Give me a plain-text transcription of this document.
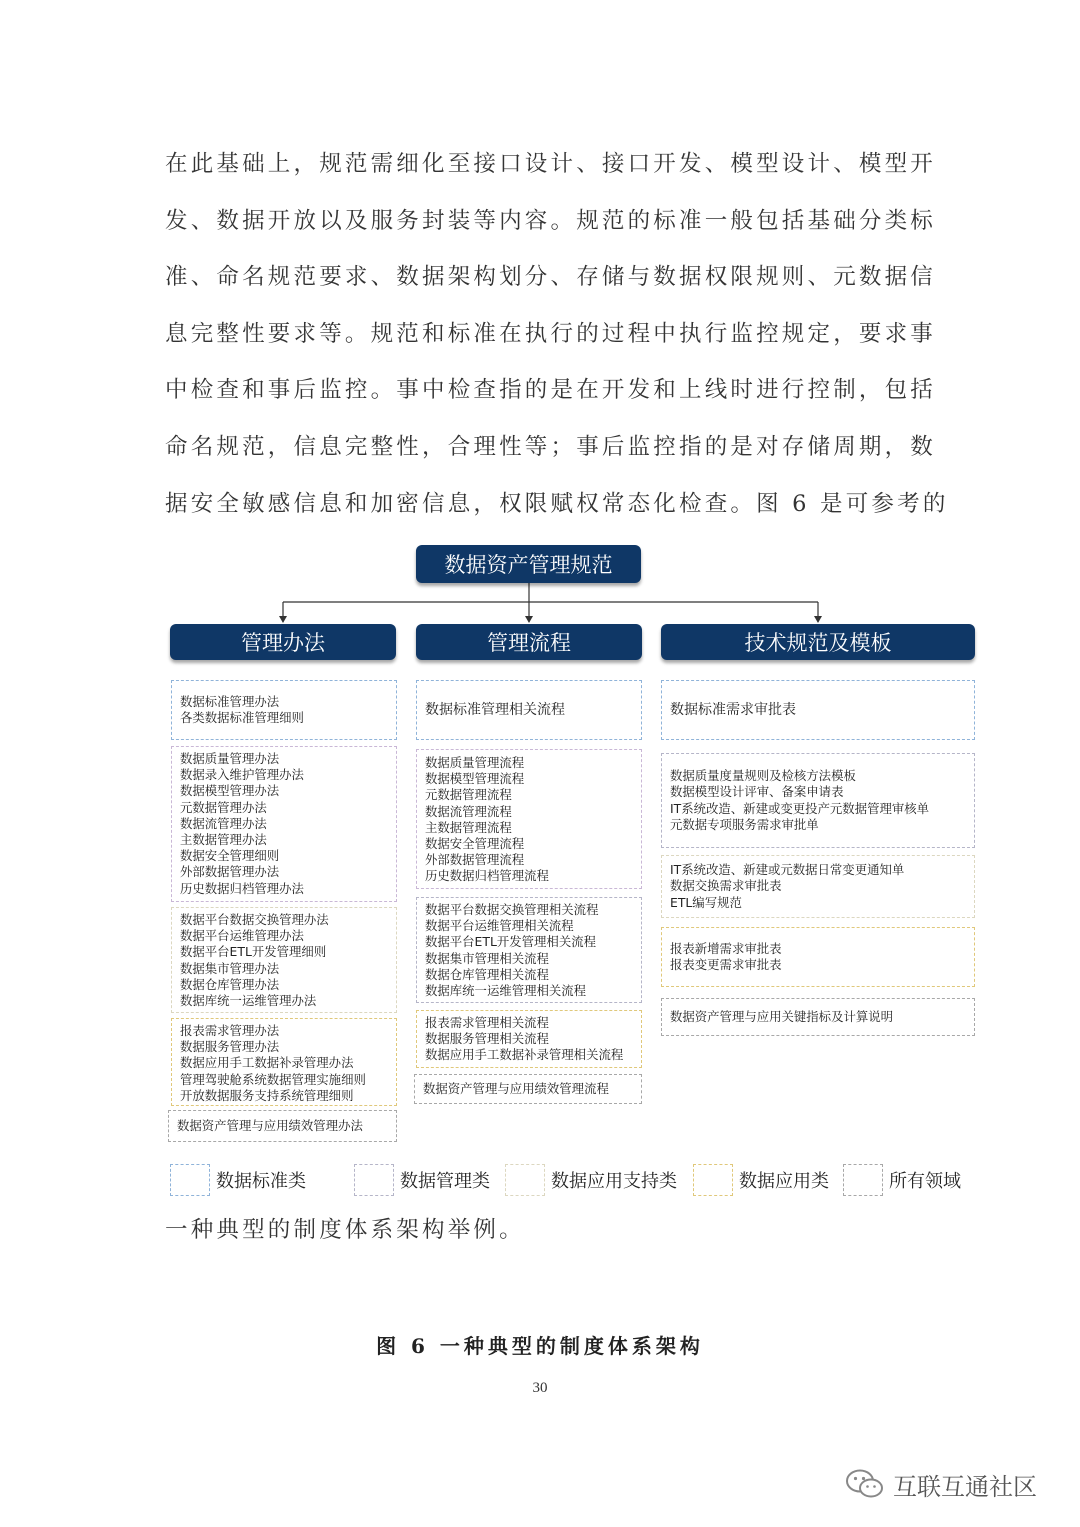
在此基础上，规范需细化至接口设计、接口开发、模型设计、模型开
发、数据开放以及服务封装等内容。规范的标准一般包括基础分类标
准、命名规范要求、数据架构划分、存储与数据权限规则、元数据信
息完整性要求等。规范和标准在执行的过程中执行监控规定，要求事
中检查和事后监控。事中检查指的是在开发和上线时进行控制，包括
命名规范，信息完整性，合理性等；事后监控指的是对存储周期，数
据安全敏感信息和加密信息，权限赋权常态化检查。图 6 是可参考的
数据资产管理规范
管理办法	管理流程	技术规范及模板
数据标准管理办法
各类数据标准管理细则
数据质量管理办法
数据录入维护管理办法
数据模型管理办法
元数据管理办法
数据流管理办法
主数据管理办法
数据安全管理细则
外部数据管理办法
历史数据归档管理办法
数据平台数据交换管理办法
数据平台运维管理办法
数据平台ETL开发管理细则
数据集市管理办法
数据仓库管理办法
数据库统一运维管理办法
报表需求管理办法
数据服务管理办法
数据应用手工数据补录管理办法
管理驾驶舱系统数据管理实施细则
开放数据服务支持系统管理细则
数据资产管理与应用绩效管理办法
数据标准管理相关流程
数据质量管理流程
数据模型管理流程
元数据管理流程
数据流管理流程
主数据管理流程
数据安全管理流程
外部数据管理流程
历史数据归档管理流程
数据平台数据交换管理相关流程
数据平台运维管理相关流程
数据平台ETL开发管理相关流程
数据集市管理相关流程
数据仓库管理相关流程
数据库统一运维管理相关流程
报表需求管理相关流程
数据服务管理相关流程
数据应用手工数据补录管理相关流程
数据资产管理与应用绩效管理流程
数据标准需求审批表
数据质量度量规则及检核方法模板
数据模型设计评审、备案申请表
IT系统改造、新建或变更投产元数据管理审核单
元数据专项服务需求审批单
IT系统改造、新建或元数据日常变更通知单
数据交换需求审批表
ETL编写规范
报表新增需求审批表
报表变更需求审批表
数据资产管理与应用关键指标及计算说明
数据标准类	数据管理类	数据应用支持类	数据应用类	所有领域
一种典型的制度体系架构举例。
图 6 一种典型的制度体系架构
30
互联互通社区
